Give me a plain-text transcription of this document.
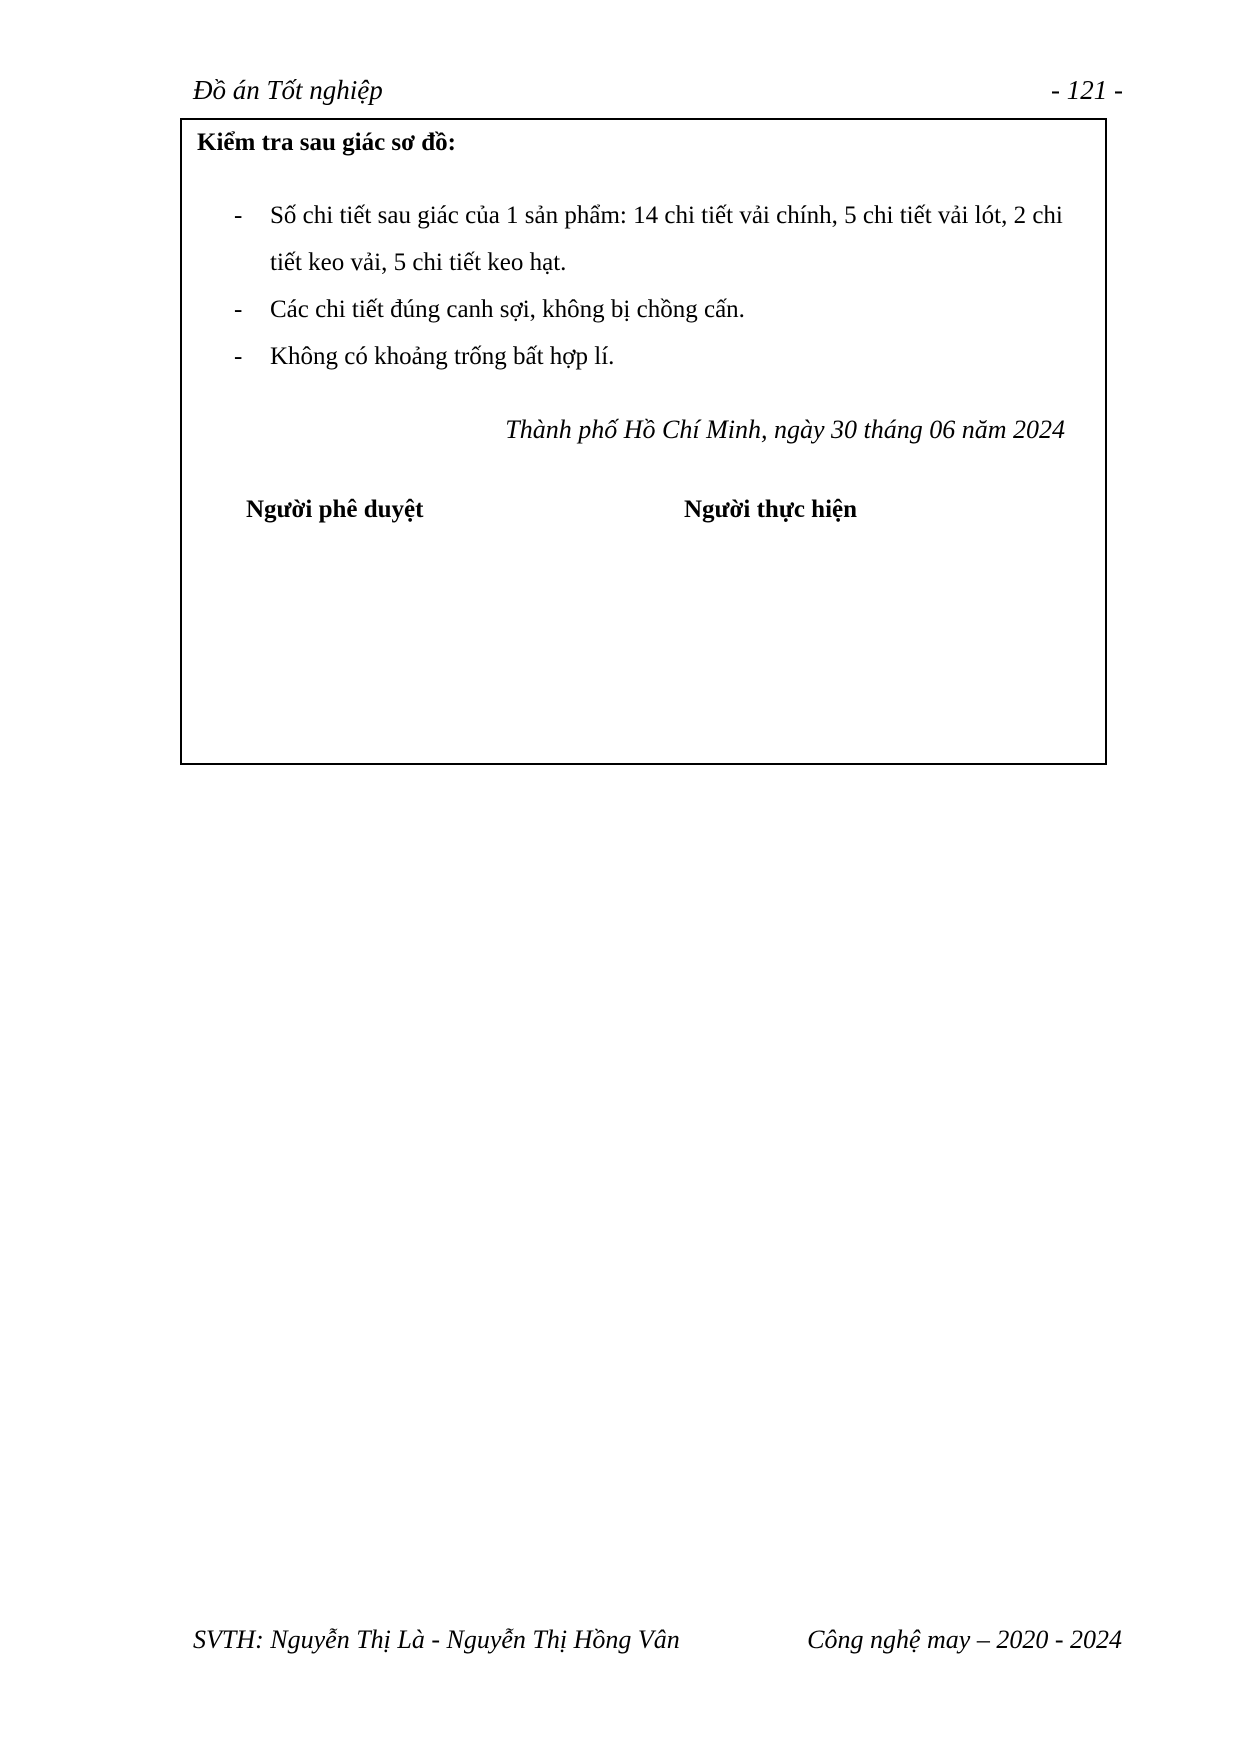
Đồ án Tốt nghiệp	- 121 -
Kiểm tra sau giác sơ đồ:
- Số chi tiết sau giác của 1 sản phẩm: 14 chi tiết vải chính, 5 chi tiết vải lót, 2 chi tiết keo vải, 5 chi tiết keo hạt.
- Các chi tiết đúng canh sợi, không bị chồng cấn.
- Không có khoảng trống bất hợp lí.
Thành phố Hồ Chí Minh, ngày 30 tháng 06 năm 2024
Người phê duyệt	Người thực hiện
SVTH: Nguyễn Thị Là - Nguyễn Thị Hồng Vân	Công nghệ may – 2020 - 2024
